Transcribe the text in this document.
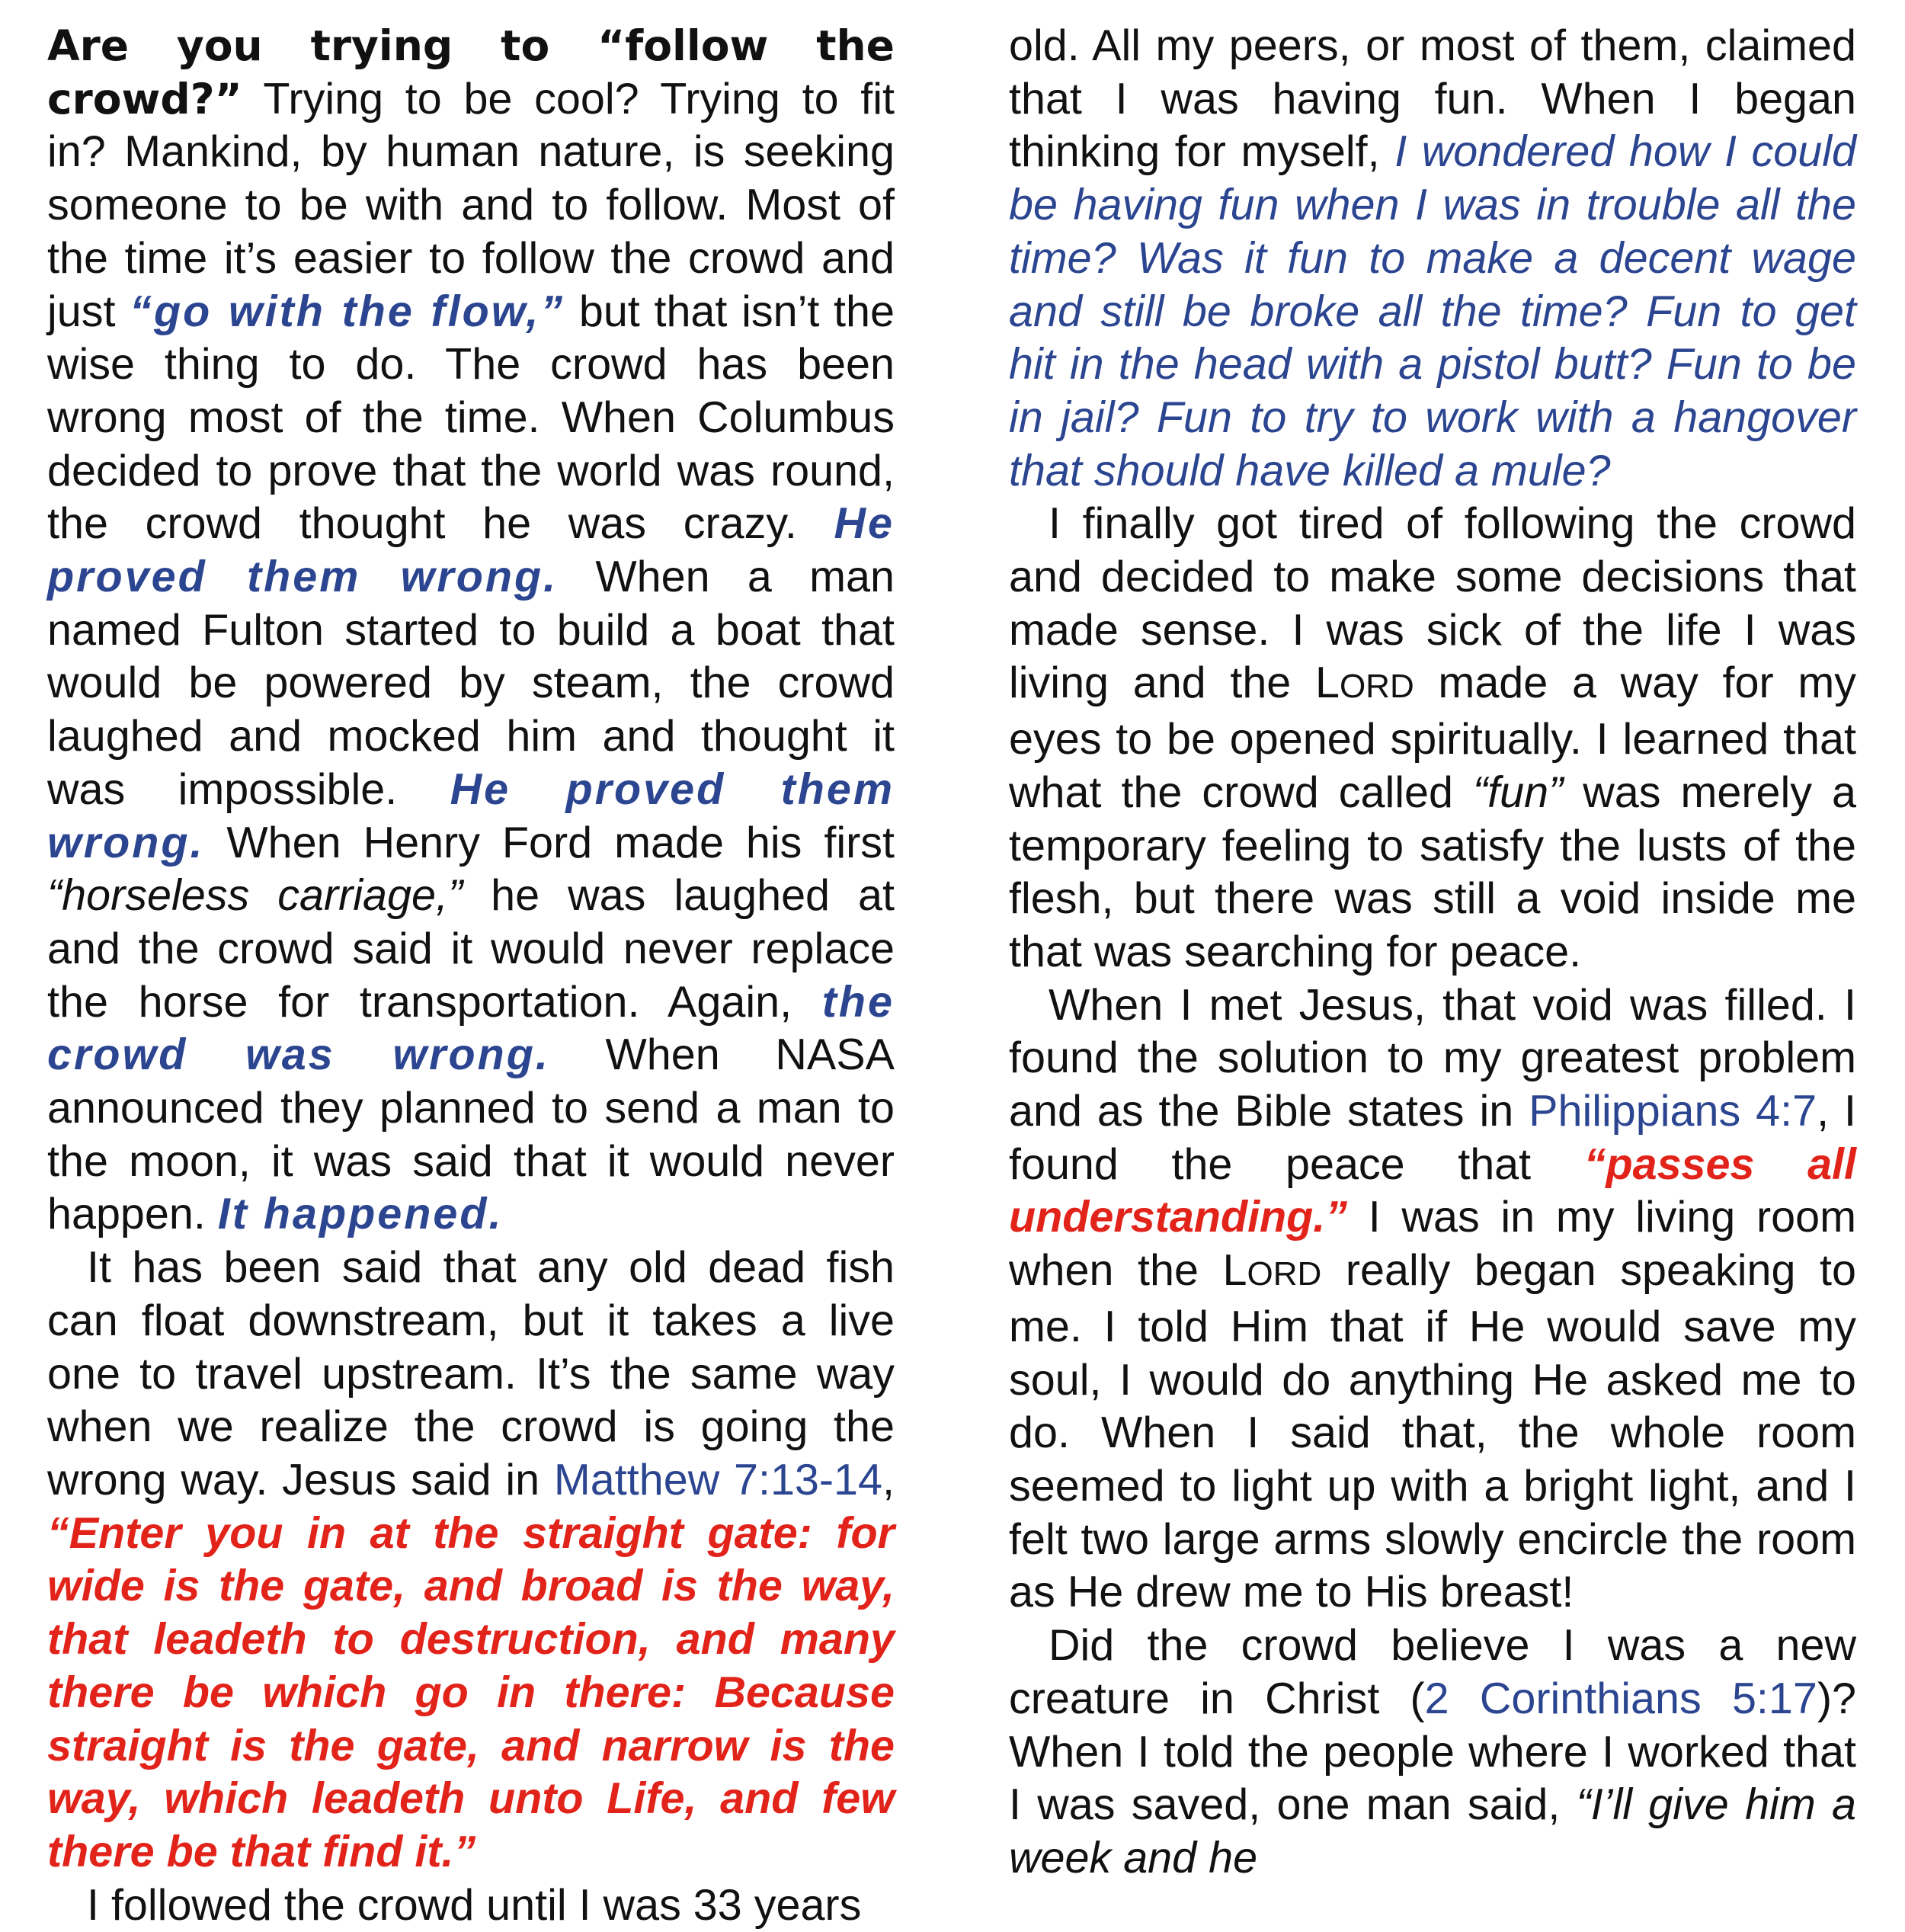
Are you trying to “follow the crowd?” Trying to be cool? Trying to fit in? Mankind, by human nature, is seeking someone to be with and to follow. Most of the time it’s easier to follow the crowd and just “go with the flow,” but that isn’t the wise thing to do. The crowd has been wrong most of the time. When Columbus decided to prove that the world was round, the crowd thought he was crazy. He proved them wrong. When a man named Fulton started to build a boat that would be powered by steam, the crowd laughed and mocked him and thought it was impossible. He proved them wrong. When Henry Ford made his first “horseless carriage,” he was laughed at and the crowd said it would never replace the horse for transportation. Again, the crowd was wrong. When NASA announced they planned to send a man to the moon, it was said that it would never happen. It happened.

It has been said that any old dead fish can float downstream, but it takes a live one to travel upstream. It’s the same way when we realize the crowd is going the wrong way. Jesus said in Matthew 7:13-14, “Enter you in at the straight gate: for wide is the gate, and broad is the way, that leadeth to destruction, and many there be which go in there: Because straight is the gate, and narrow is the way, which leadeth unto Life, and few there be that find it.”

I followed the crowd until I was 33 years

old. All my peers, or most of them, claimed that I was having fun. When I began thinking for myself, I wondered how I could be having fun when I was in trouble all the time? Was it fun to make a decent wage and still be broke all the time? Fun to get hit in the head with a pistol butt? Fun to be in jail? Fun to try to work with a hangover that should have killed a mule?

I finally got tired of following the crowd and decided to make some decisions that made sense. I was sick of the life I was living and the LORD made a way for my eyes to be opened spiritually. I learned that what the crowd called “fun” was merely a temporary feeling to satisfy the lusts of the flesh, but there was still a void inside me that was searching for peace.

When I met Jesus, that void was filled. I found the solution to my greatest problem and as the Bible states in Philippians 4:7, I found the peace that “passes all understanding.” I was in my living room when the LORD really began speaking to me. I told Him that if He would save my soul, I would do anything He asked me to do. When I said that, the whole room seemed to light up with a bright light, and I felt two large arms slowly encircle the room as He drew me to His breast!

Did the crowd believe I was a new creature in Christ (2 Corinthians 5:17)? When I told the people where I worked that I was saved, one man said, “I’ll give him a week and he
